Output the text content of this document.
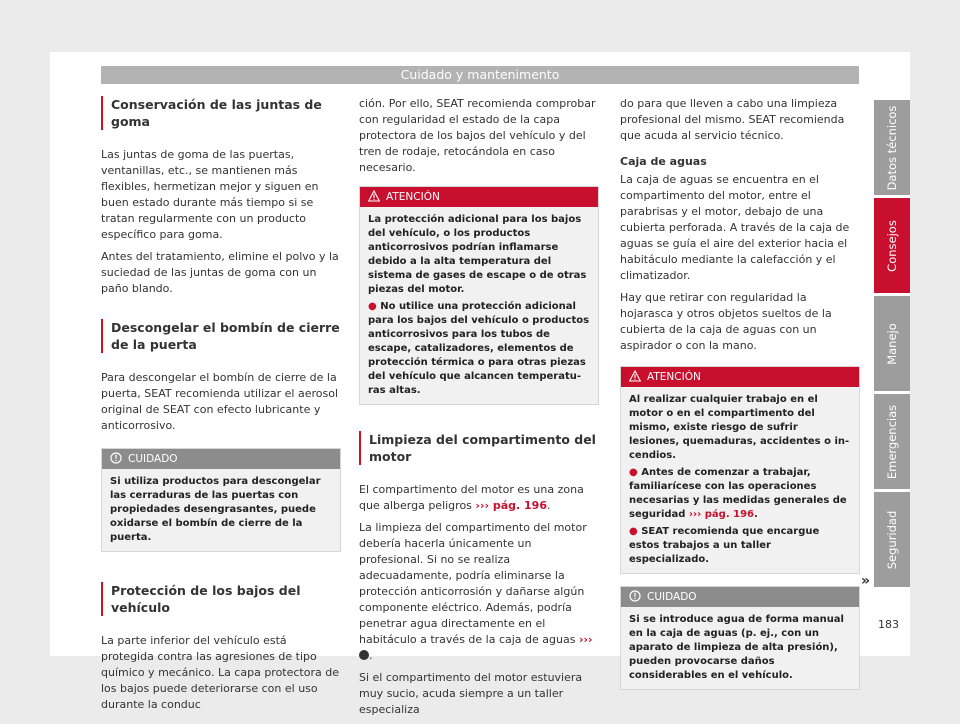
Cuidado y mantenimento
Conservación de las juntas de goma

Las juntas de goma de las puertas, ventanillas, etc., se mantienen más flexibles, hermetizan mejor y siguen en buen estado durante más tiempo si se tratan regularmente con un producto específico para goma.

Antes del tratamiento, elimine el polvo y la suciedad de las juntas de goma con un paño blando.

Descongelar el bombín de cierre de la puerta

Para descongelar el bombín de cierre de la puerta, SEAT recomienda utilizar el aerosol original de SEAT con efecto lubricante y anticorrosivo.

CUIDADO
Si utiliza productos para descongelar las cerraduras de las puertas con propiedades desengrasantes, puede oxidarse el bombín de cierre de la puerta.
Protección de los bajos del vehículo

La parte inferior del vehículo está protegida contra las agresiones de tipo químico y mecánico. La capa protectora de los bajos puede deteriorarse con el uso durante la conduc

ción. Por ello, SEAT recomienda comprobar con regularidad el estado de la capa protectora de los bajos del vehículo y del tren de rodaje, retocándola en caso necesario.

ATENCIÓN
La protección adicional para los bajos del vehículo, o los productos anticorrosivos podrían inflamarse debido a la alta temperatura del sistema de gases de escape o de otras piezas del motor.
● No utilice una protección adicional para los bajos del vehículo o productos anticorrosivos para los tubos de escape, catalizadores, elementos de protección térmica o para otras piezas del vehículo que alcancen temperaturas altas.
Limpieza del compartimento del motor

El compartimento del motor es una zona que alberga peligros ››› pág. 196.

La limpieza del compartimento del motor debería hacerla únicamente un profesional. Si no se realiza adecuadamente, podría eliminarse la protección anticorrosión y dañarse algún componente eléctrico. Además, podría penetrar agua directamente en el habitáculo a través de la caja de aguas ››› .

Si el compartimento del motor estuviera muy sucio, acuda siempre a un taller especializa

do para que lleven a cabo una limpieza profesional del mismo. SEAT recomienda que acuda al servicio técnico.

Caja de aguas

La caja de aguas se encuentra en el compartimento del motor, entre el parabrisas y el motor, debajo de una cubierta perforada. A través de la caja de aguas se guía el aire del exterior hacia el habitáculo mediante la calefacción y el climatizador.

Hay que retirar con regularidad la hojarasca y otros objetos sueltos de la cubierta de la caja de aguas con un aspirador o con la mano.

ATENCIÓN
Al realizar cualquier trabajo en el motor o en el compartimento del mismo, existe riesgo de sufrir lesiones, quemaduras, accidentes o incendios.
● Antes de comenzar a trabajar, familiarícese con las operaciones necesarias y las medidas generales de seguridad ››› pág. 196.
● SEAT recomienda que encargue estos trabajos a un taller especializado.
CUIDADO
Si se introduce agua de forma manual en la caja de aguas (p. ej., con un aparato de limpieza de alta presión), pueden provocarse daños considerables en el vehículo.
»
Datos técnicos
Consejos
Manejo
Emergencias
Seguridad
183
